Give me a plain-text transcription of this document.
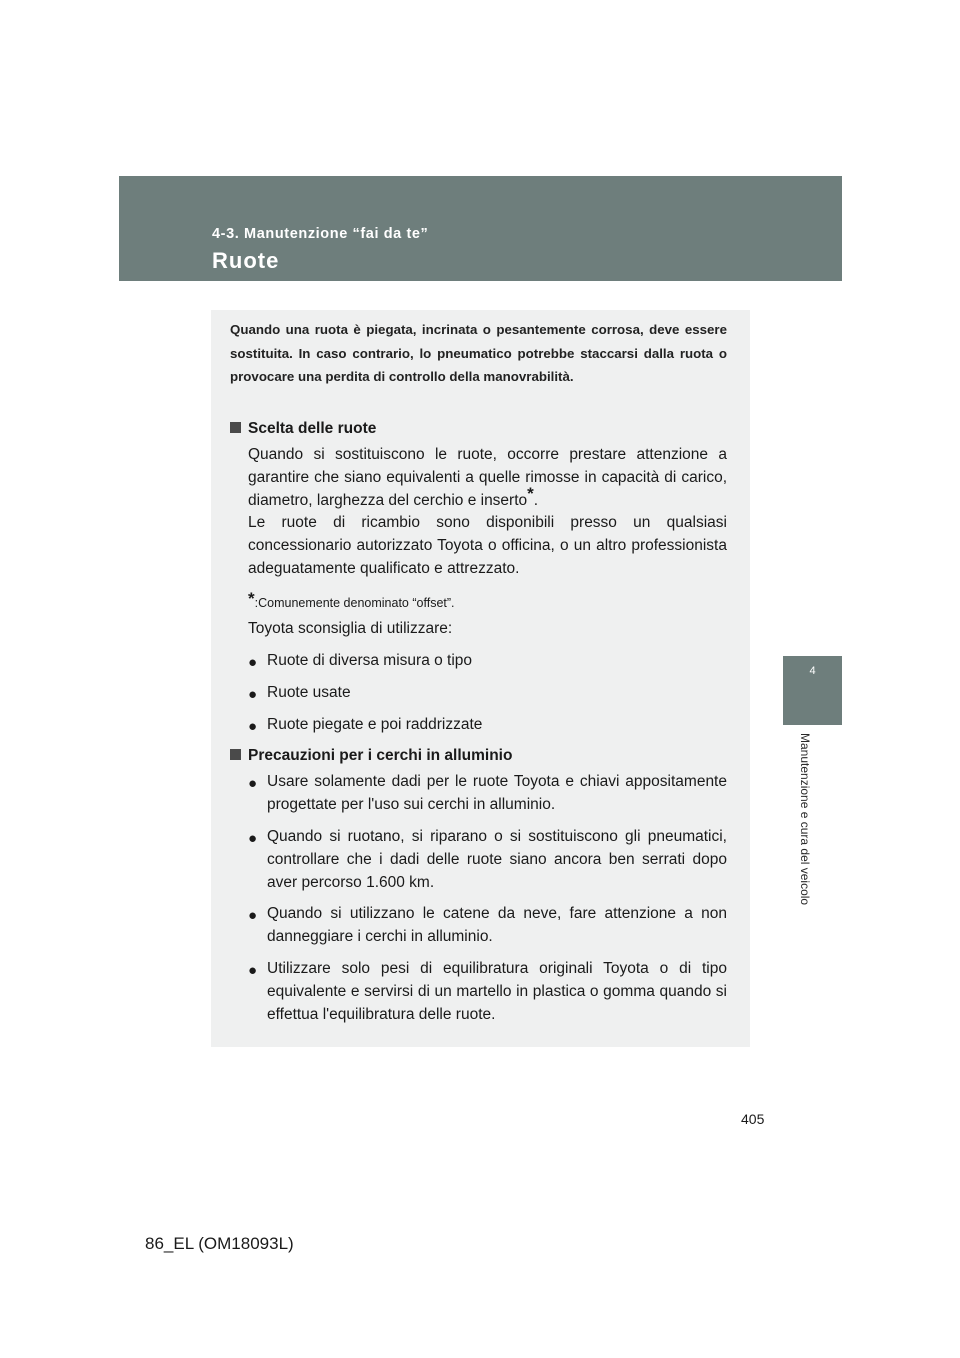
4-3. Manutenzione “fai da te”
Ruote
4
Manutenzione e cura del veicolo

Quando una ruota è piegata, incrinata o pesantemente corrosa, deve essere sostituita. In caso contrario, lo pneumatico potrebbe staccarsi dalla ruota o provocare una perdita di controllo della manovrabilità.

Scelta delle ruote

Quando si sostituiscono le ruote, occorre prestare attenzione a garantire che siano equivalenti a quelle rimosse in capacità di carico, diametro, larghezza del cerchio e inserto*.

Le ruote di ricambio sono disponibili presso un qualsiasi concessionario autorizzato Toyota o officina, o un altro professionista adeguatamente qualificato e attrezzato.

*:Comunemente denominato “offset”.

Toyota sconsiglia di utilizzare:

● Ruote di diversa misura o tipo
● Ruote usate
● Ruote piegate e poi raddrizzate
Precauzioni per i cerchi in alluminio
● Usare solamente dadi per le ruote Toyota e chiavi appositamente progettate per l'uso sui cerchi in alluminio.
● Quando si ruotano, si riparano o si sostituiscono gli pneumatici, controllare che i dadi delle ruote siano ancora ben serrati dopo aver percorso 1.600 km.
● Quando si utilizzano le catene da neve, fare attenzione a non danneggiare i cerchi in alluminio.
● Utilizzare solo pesi di equilibratura originali Toyota o di tipo equivalente e servirsi di un martello in plastica o gomma quando si effettua l'equilibratura delle ruote.
405
86_EL (OM18093L)
